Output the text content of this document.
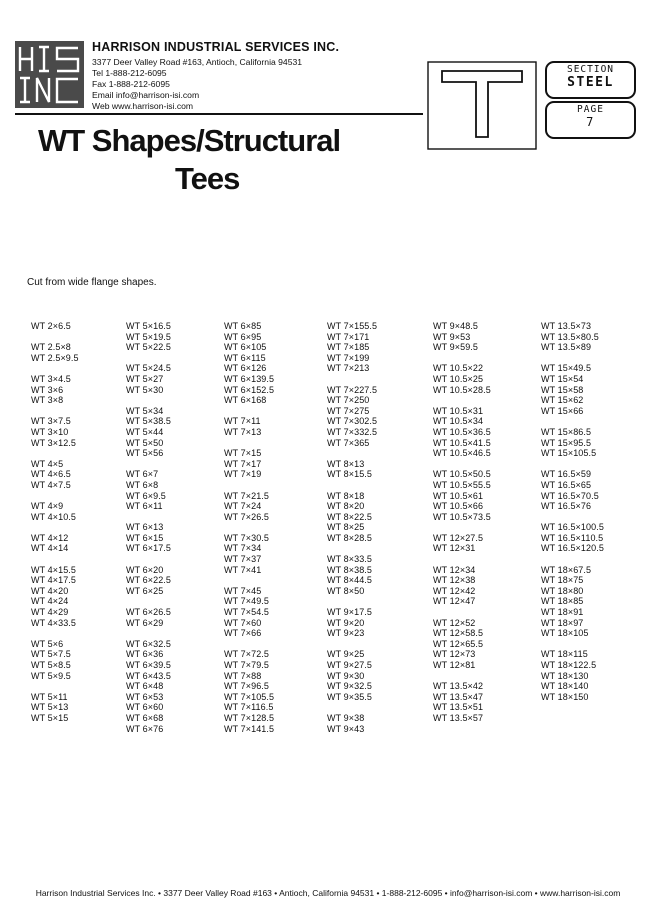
HARRISON INDUSTRIAL SERVICES INC.
3377 Deer Valley Road #163, Antioch, California 94531
Tel 1-888-212-6095
Fax 1-888-212-6095
Email info@harrison-isi.com
Web www.harrison-isi.com
SECTION
STEEL
PAGE
7
WT Shapes/Structural
Tees
Cut from wide flange shapes.
WT 2×6.5
WT 2.5×8
WT 2.5×9.5
WT 3×4.5
WT 3×6
WT 3×8
WT 3×7.5
WT 3×10
WT 3×12.5
WT 4×5
WT 4×6.5
WT 4×7.5
WT 4×9
WT 4×10.5
WT 4×12
WT 4×14
WT 4×15.5
WT 4×17.5
WT 4×20
WT 4×24
WT 4×29
WT 4×33.5
WT 5×6
WT 5×7.5
WT 5×8.5
WT 5×9.5
WT 5×11
WT 5×13
WT 5×15
WT 5×16.5
WT 5×19.5
WT 5×22.5
WT 5×24.5
WT 5×27
WT 5×30
WT 5×34
WT 5×38.5
WT 5×44
WT 5×50
WT 5×56
WT 6×7
WT 6×8
WT 6×9.5
WT 6×11
WT 6×13
WT 6×15
WT 6×17.5
WT 6×20
WT 6×22.5
WT 6×25
WT 6×26.5
WT 6×29
WT 6×32.5
WT 6×36
WT 6×39.5
WT 6×43.5
WT 6×48
WT 6×53
WT 6×60
WT 6×68
WT 6×76
WT 6×85
WT 6×95
WT 6×105
WT 6×115
WT 6×126
WT 6×139.5
WT 6×152.5
WT 6×168
WT 7×11
WT 7×13
WT 7×15
WT 7×17
WT 7×19
WT 7×21.5
WT 7×24
WT 7×26.5
WT 7×30.5
WT 7×34
WT 7×37
WT 7×41
WT 7×45
WT 7×49.5
WT 7×54.5
WT 7×60
WT 7×66
WT 7×72.5
WT 7×79.5
WT 7×88
WT 7×96.5
WT 7×105.5
WT 7×116.5
WT 7×128.5
WT 7×141.5
WT 7×155.5
WT 7×171
WT 7×185
WT 7×199
WT 7×213
WT 7×227.5
WT 7×250
WT 7×275
WT 7×302.5
WT 7×332.5
WT 7×365
WT 8×13
WT 8×15.5
WT 8×18
WT 8×20
WT 8×22.5
WT 8×25
WT 8×28.5
WT 8×33.5
WT 8×38.5
WT 8×44.5
WT 8×50
WT 9×17.5
WT 9×20
WT 9×23
WT 9×25
WT 9×27.5
WT 9×30
WT 9×32.5
WT 9×35.5
WT 9×38
WT 9×43
WT 9×48.5
WT 9×53
WT 9×59.5
WT 10.5×22
WT 10.5×25
WT 10.5×28.5
WT 10.5×31
WT 10.5×34
WT 10.5×36.5
WT 10.5×41.5
WT 10.5×46.5
WT 10.5×50.5
WT 10.5×55.5
WT 10.5×61
WT 10.5×66
WT 10.5×73.5
WT 12×27.5
WT 12×31
WT 12×34
WT 12×38
WT 12×42
WT 12×47
WT 12×52
WT 12×58.5
WT 12×65.5
WT 12×73
WT 12×81
WT 13.5×42
WT 13.5×47
WT 13.5×51
WT 13.5×57
WT 13.5×73
WT 13.5×80.5
WT 13.5×89
WT 15×49.5
WT 15×54
WT 15×58
WT 15×62
WT 15×66
WT 15×86.5
WT 15×95.5
WT 15×105.5
WT 16.5×59
WT 16.5×65
WT 16.5×70.5
WT 16.5×76
WT 16.5×100.5
WT 16.5×110.5
WT 16.5×120.5
WT 18×67.5
WT 18×75
WT 18×80
WT 18×85
WT 18×91
WT 18×97
WT 18×105
WT 18×115
WT 18×122.5
WT 18×130
WT 18×140
WT 18×150
Harrison Industrial Services Inc. • 3377 Deer Valley Road #163 • Antioch, California 94531 • 1-888-212-6095 • info@harrison-isi.com • www.harrison-isi.com
